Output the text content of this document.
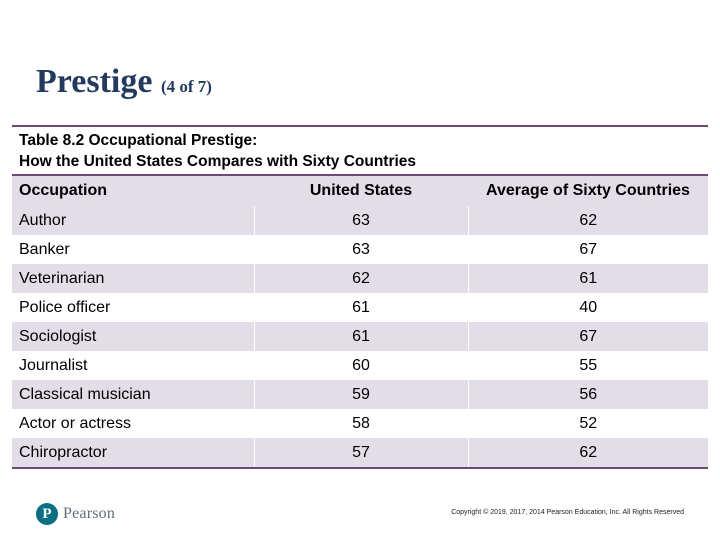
Prestige (4 of 7)
Table 8.2 Occupational Prestige:
How the United States Compares with Sixty Countries
Occupation	United States	Average of Sixty Countries
Author	63	62
Banker	63	67
Veterinarian	62	61
Police officer	61	40
Sociologist	61	67
Journalist	60	55
Classical musician	59	56
Actor or actress	58	52
Chiropractor	57	62
P Pearson	Copyright © 2019, 2017, 2014 Pearson Education, Inc. All Rights Reserved
